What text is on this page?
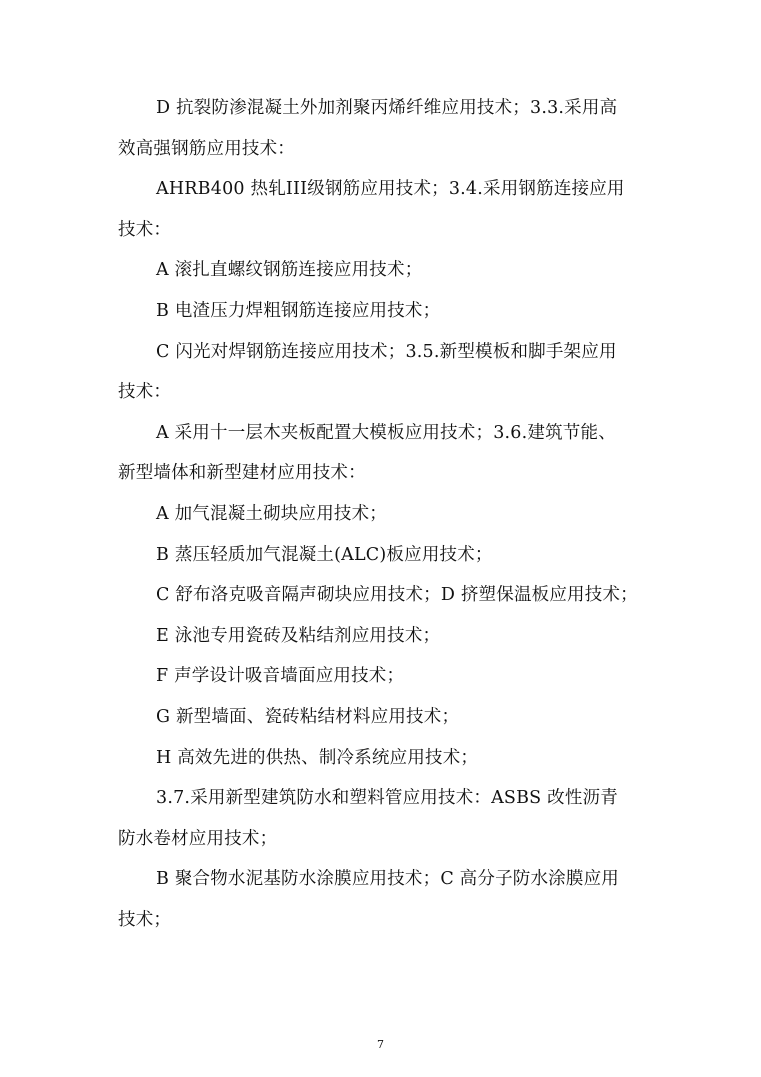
D 抗裂防渗混凝土外加剂聚丙烯纤维应用技术；3.3.采用高
效高强钢筋应用技术：
AHRB400 热轧III级钢筋应用技术；3.4.采用钢筋连接应用
技术：
A 滚扎直螺纹钢筋连接应用技术；
B 电渣压力焊粗钢筋连接应用技术；
C 闪光对焊钢筋连接应用技术；3.5.新型模板和脚手架应用
技术：
A 采用十一层木夹板配置大模板应用技术；3.6.建筑节能、
新型墙体和新型建材应用技术：
A 加气混凝土砌块应用技术；
B 蒸压轻质加气混凝土(ALC)板应用技术；
C 舒布洛克吸音隔声砌块应用技术；D 挤塑保温板应用技术；
E 泳池专用瓷砖及粘结剂应用技术；
F 声学设计吸音墙面应用技术；
G 新型墙面、瓷砖粘结材料应用技术；
H 高效先进的供热、制冷系统应用技术；
3.7.采用新型建筑防水和塑料管应用技术：ASBS 改性沥青
防水卷材应用技术；
B 聚合物水泥基防水涂膜应用技术；C 高分子防水涂膜应用
技术；
7
